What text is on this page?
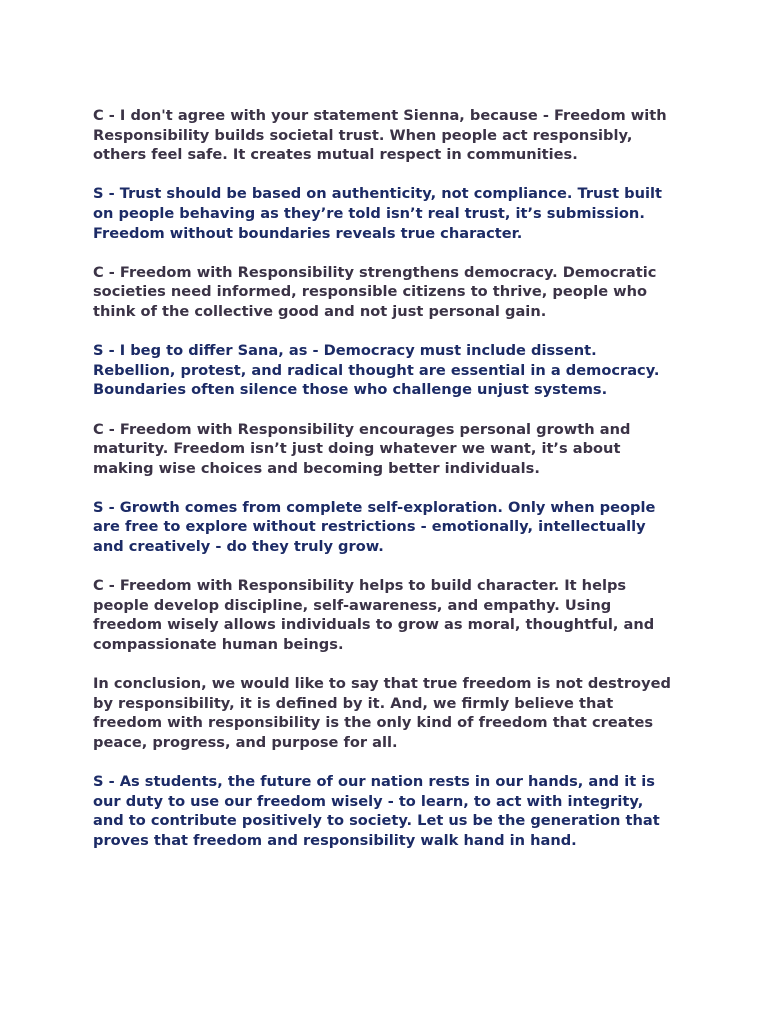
C - I don't agree with your statement Sienna, because - Freedom with Responsibility builds societal trust. When people act responsibly, others feel safe. It creates mutual respect in communities.

S - Trust should be based on authenticity, not compliance. Trust built on people behaving as they’re told isn’t real trust, it’s submission. Freedom without boundaries reveals true character.

C - Freedom with Responsibility strengthens democracy. Democratic societies need informed, responsible citizens to thrive, people who think of the collective good and not just personal gain.

S - I beg to differ Sana, as - Democracy must include dissent. Rebellion, protest, and radical thought are essential in a democracy. Boundaries often silence those who challenge unjust systems.

C - Freedom with Responsibility encourages personal growth and maturity. Freedom isn’t just doing whatever we want, it’s about making wise choices and becoming better individuals.

S - Growth comes from complete self-exploration. Only when people are free to explore without restrictions - emotionally, intellectually and creatively - do they truly grow.

C - Freedom with Responsibility helps to build character. It helps people develop discipline, self-awareness, and empathy. Using freedom wisely allows individuals to grow as moral, thoughtful, and compassionate human beings.

In conclusion, we would like to say that true freedom is not destroyed by responsibility, it is defined by it. And, we firmly believe that freedom with responsibility is the only kind of freedom that creates peace, progress, and purpose for all.

S - As students, the future of our nation rests in our hands, and it is our duty to use our freedom wisely - to learn, to act with integrity, and to contribute positively to society. Let us be the generation that proves that freedom and responsibility walk hand in hand.
